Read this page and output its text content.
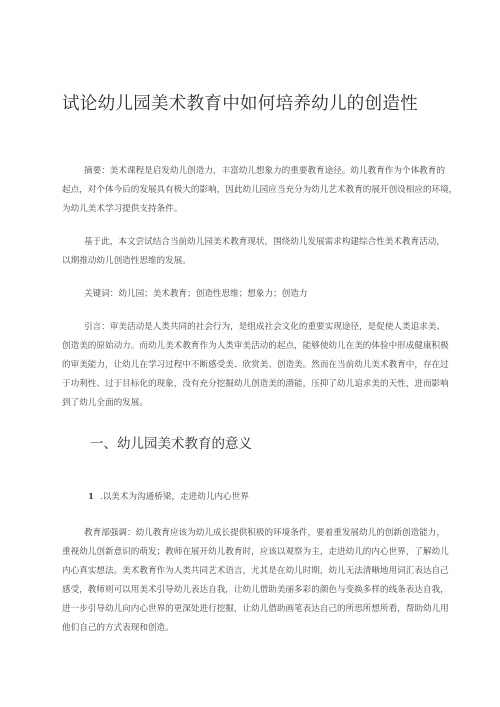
试论幼儿园美术教育中如何培养幼儿的创造性
摘要：美术课程是启发幼儿创造力，丰富幼儿想象力的重要教育途径。幼儿教育作为个体教育的
起点，对个体今后的发展具有极大的影响，因此幼儿园应当充分为幼儿艺术教育的展开创设相应的环境，
为幼儿美术学习提供支持条件。
基于此，本文尝试结合当前幼儿园美术教育现状，围绕幼儿发展需求构建综合性美术教育活动，
以期推动幼儿创造性思维的发展。
关键词：幼儿园；美术教育；创造性思维；想象力；创造力
引言：审美活动是人类共同的社会行为，是组成社会文化的重要实现途径，是促使人类追求美、
创造美的原始动力。而幼儿美术教育作为人类审美活动的起点，能够使幼儿在美的体验中形成健康积极
的审美能力，让幼儿在学习过程中不断感受美、欣赏美、创造美。然而在当前幼儿美术教育中，存在过
于功利性、过于目标化的现象，没有充分挖掘幼儿创造美的潜能，压抑了幼儿追求美的天性，进而影响
到了幼儿全面的发展。
一、幼儿园美术教育的意义
1 .以美术为沟通桥梁，走进幼儿内心世界
教育部强调：幼儿教育应该为幼儿成长提供积极的环境条件，要着重发展幼儿的创新创造能力，
重视幼儿创新意识的萌发；教师在展开幼儿教育时，应该以观察为主，走进幼儿的内心世界，了解幼儿
内心真实想法。美术教育作为人类共同艺术语言，尤其是在幼儿时期，幼儿无法清晰地用词汇表达自己
感受，教师则可以用美术引导幼儿表达自我，让幼儿借助美丽多彩的颜色与变换多样的线条表达自我，
进一步引导幼儿向内心世界的更深处进行挖掘，让幼儿借助画笔表达自己的所思所想所看，帮助幼儿用
他们自己的方式表现和创造。
